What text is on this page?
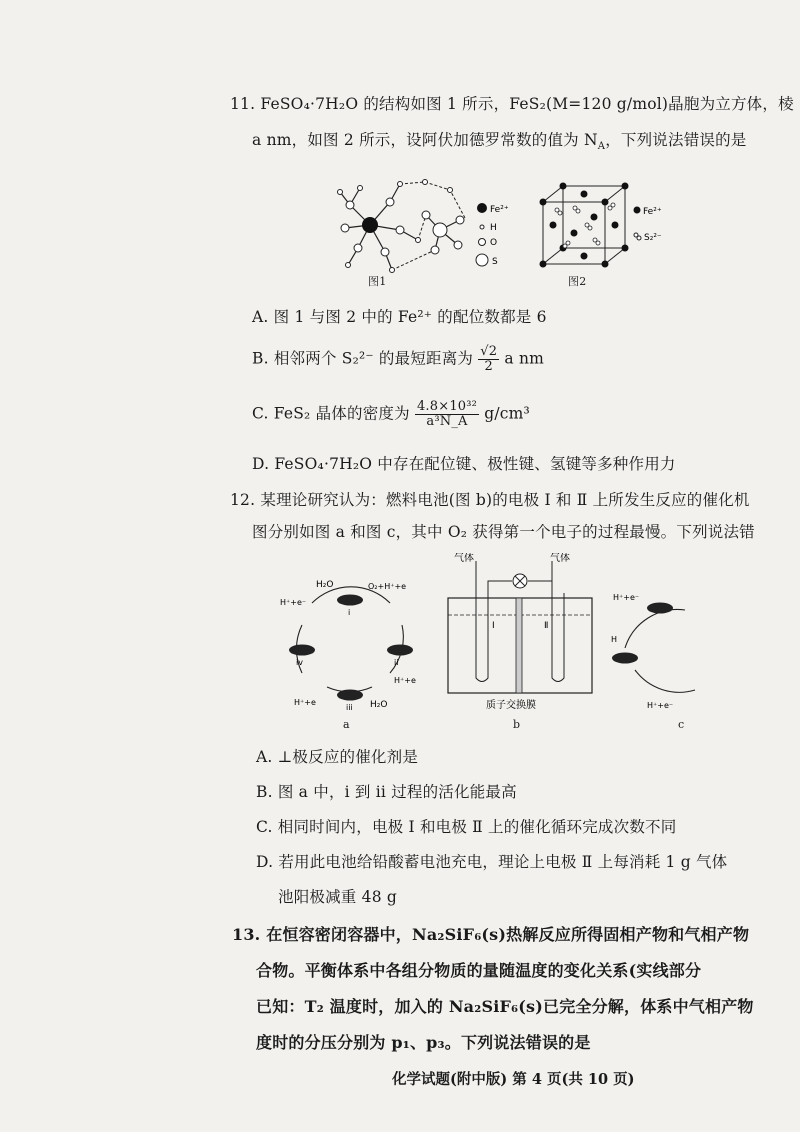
11. FeSO₄·7H₂O 的结构如图 1 所示，FeS₂(M=120 g/mol)晶胞为立方体，棱
a nm，如图 2 所示，设阿伏加德罗常数的值为 $N_A$，下列说法错误的是
Fe²⁺
H
O
S
图1
Fe²⁺
S₂²⁻
图2
A. 图 1 与图 2 中的 Fe²⁺ 的配位数都是 6
B. 相邻两个 S₂²⁻ 的最短距离为 $\frac{√2}{2}$ a nm
C. FeS₂ 晶体的密度为 $\frac{\text{4.8×10³²}}{\text{a³N\_A}} g/cm^3$
D. FeSO₄·7H₂O 中存在配位键、极性键、氢键等多种作用力
12. 某理论研究认为：燃料电池(图 b)的电极 Ⅰ 和 Ⅱ 上所发生反应的催化机
图分别如图 a 和图 c，其中 O₂ 获得第一个电子的过程最慢。下列说法错
H₂O	O₂+H⁺+e
H⁺+e⁻
H⁺+e
H⁺+e	H₂O
i
ii
iii
iv
a
气体	气体
Ⅰ	Ⅱ
质子交换膜
b
H⁺+e⁻
H
H⁺+e⁻
c
A. ⊥极反应的催化剂是
B. 图 a 中，i 到 ii 过程的活化能最高
C. 相同时间内，电极 Ⅰ 和电极 Ⅱ 上的催化循环完成次数不同
D. 若用此电池给铅酸蓄电池充电，理论上电极 Ⅱ 上每消耗 1 g 气体
池阳极减重 48 g
13. 在恒容密闭容器中，Na₂SiF₆(s)热解反应所得固相产物和气相产物
合物。平衡体系中各组分物质的量随温度的变化关系(实线部分
已知：T₂ 温度时，加入的 Na₂SiF₆(s)已完全分解，体系中气相产物
度时的分压分别为 p₁、p₃。下列说法错误的是
化学试题(附中版) 第 4 页(共 10 页)
